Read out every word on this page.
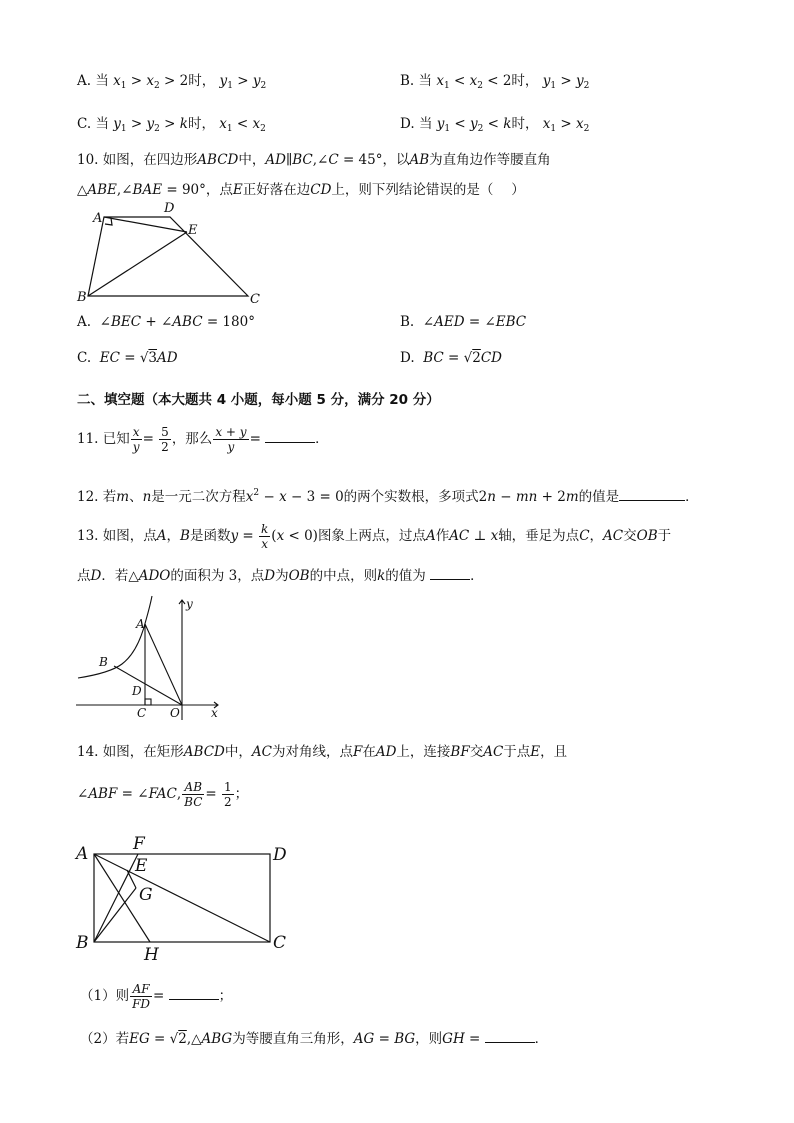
A. 当 $x_1 > x_2 > 2$时， $y_1 > y_2$	B. 当 $x_1 < x_2 < 2$时， $y_1 > y_2$
C. 当 $y_1 > y_2 > k$时， $x_1 < x_2$	D. 当 $y_1 < y_2 < k$时， $x_1 > x_2$
10. 如图，在四边形ABCD中，AD∥BC,∠C = 45°，以AB为直角边作等腰直角
△ABE,∠BAE = 90°，点E正好落在边CD上，则下列结论错误的是（　 ）
A
D
E
B	C
A.  ∠BEC + ∠ABC = 180°	B.  ∠AED = ∠EBC
C. EC = √3AD	D. BC = √2CD
二、填空题（本大题共 4 小题，每小题 5 分，满分 20 分）
11. 已知 $\frac{x}{y} = \frac{5}{2}$ ，那么 $\frac{x + y}{y}$ =	．
12. 若m、n是一元二次方程$x^2 - x - 3 = 0$的两个实数根，多项式2n − mn + 2m的值是	．
13. 如图，点A，B是函数$y = \frac{k}{x} (x < 0)$图象上两点，过点A作AC ⊥ x轴，垂足为点C，AC交OB于
点D．若△ADO的面积为 3，点D为OB的中点，则k的值为	．
y
A
B
D
C O	x
14. 如图，在矩形ABCD中，AC为对角线，点F在AD上，连接BF交AC于点E，且
∠ABF = ∠FAC, $\frac{AB}{BC} = \frac{1}{2}$ ；
A	F
E
D
G
B
H
C
（1）则 $\frac{AF}{FD}$ =	；
（2）若EG = √2,△ABG为等腰直角三角形，AG = BG，则GH =	．
